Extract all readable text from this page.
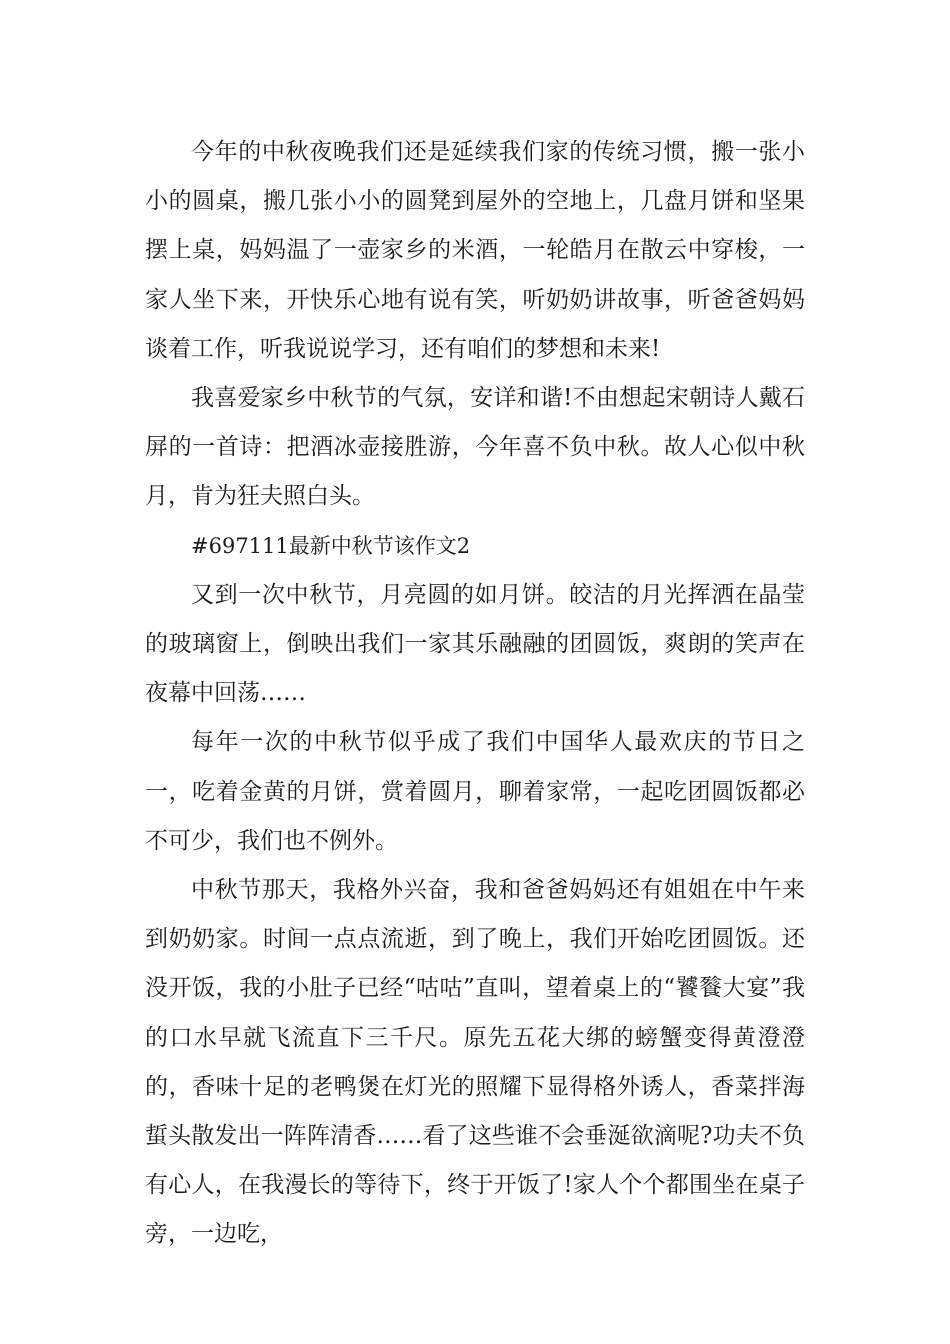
今年的中秋夜晚我们还是延续我们家的传统习惯，搬一张小小的圆桌，搬几张小小的圆凳到屋外的空地上，几盘月饼和坚果摆上桌，妈妈温了一壶家乡的米酒，一轮皓月在散云中穿梭，一家人坐下来，开快乐心地有说有笑，听奶奶讲故事，听爸爸妈妈谈着工作，听我说说学习，还有咱们的梦想和未来!

我喜爱家乡中秋节的气氛，安详和谐!不由想起宋朝诗人戴石屏的一首诗：把酒冰壶接胜游，今年喜不负中秋。故人心似中秋月，肯为狂夫照白头。

#697111最新中秋节该作文2

又到一次中秋节，月亮圆的如月饼。皎洁的月光挥洒在晶莹的玻璃窗上，倒映出我们一家其乐融融的团圆饭，爽朗的笑声在夜幕中回荡……

每年一次的中秋节似乎成了我们中国华人最欢庆的节日之一，吃着金黄的月饼，赏着圆月，聊着家常，一起吃团圆饭都必不可少，我们也不例外。

中秋节那天，我格外兴奋，我和爸爸妈妈还有姐姐在中午来到奶奶家。时间一点点流逝，到了晚上，我们开始吃团圆饭。还没开饭，我的小肚子已经“咕咕”直叫，望着桌上的“饕餮大宴”我的口水早就飞流直下三千尺。原先五花大绑的螃蟹变得黄澄澄的，香味十足的老鸭煲在灯光的照耀下显得格外诱人，香菜拌海蜇头散发出一阵阵清香……看了这些谁不会垂涎欲滴呢?功夫不负有心人，在我漫长的等待下，终于开饭了!家人个个都围坐在桌子旁，一边吃，
